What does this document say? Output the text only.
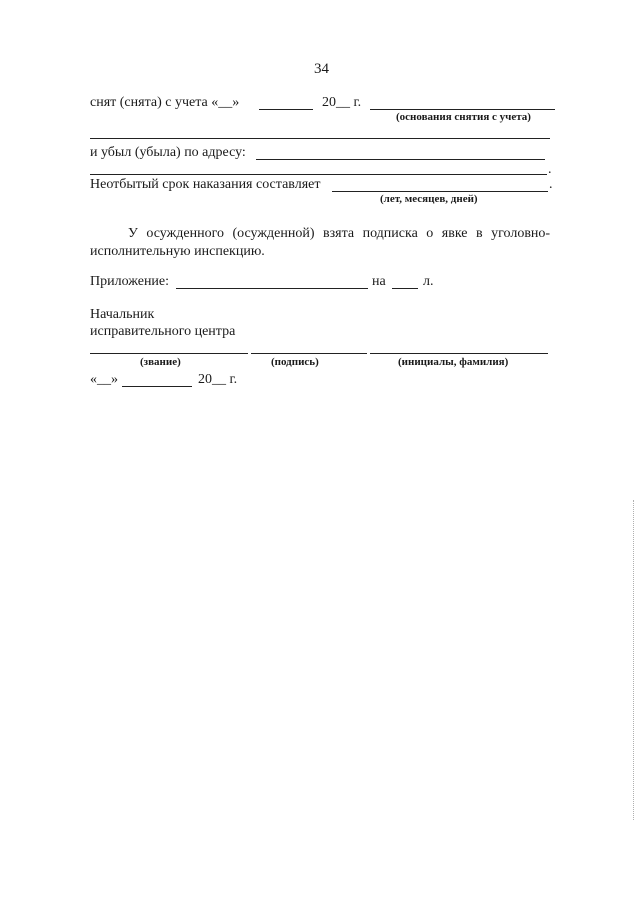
34
снят (снята) с учета «__»	20__ г.
(основания снятия с учета)
и убыл (убыла) по адресу:
.
Неотбытый срок наказания составляет	.
(лет, месяцев, дней)
У осужденного (осужденной) взята подписка о явке в уголовно-
исполнительную инспекцию.
Приложение:	на	л.
Начальник
исправительного центра
(звание)	(подпись)	(инициалы, фамилия)
«__»	20__ г.
